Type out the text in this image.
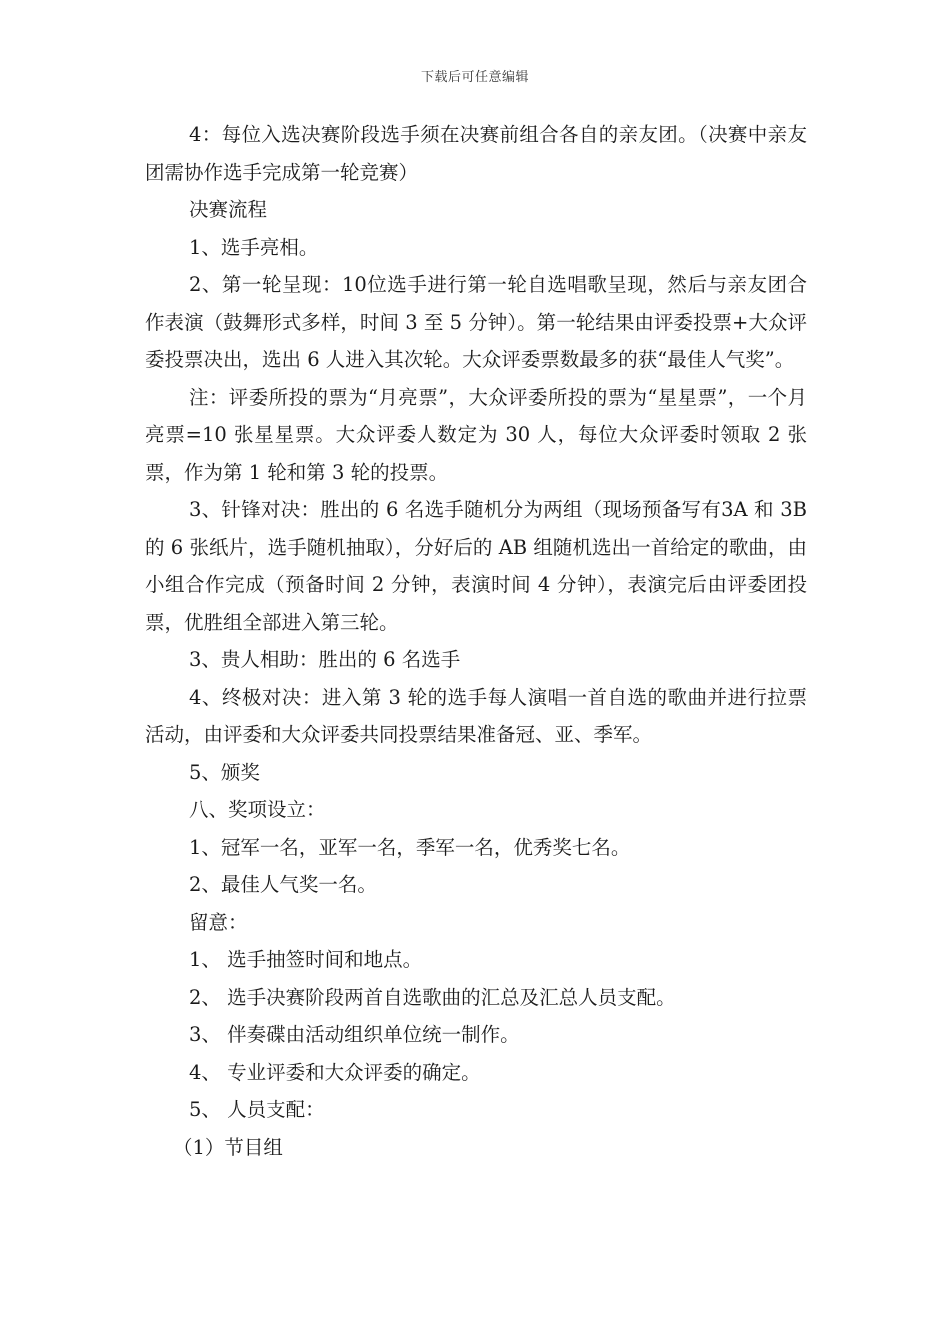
下载后可任意编辑

4：每位入选决赛阶段选手须在决赛前组合各自的亲友团。（决赛中亲友团需协作选手完成第一轮竞赛）

决赛流程

1、选手亮相。

2、第一轮呈现：10位选手进行第一轮自选唱歌呈现，然后与亲友团合作表演（鼓舞形式多样，时间 3 至 5 分钟）。第一轮结果由评委投票+大众评委投票决出，选出 6 人进入其次轮。大众评委票数最多的获“最佳人气奖”。

注：评委所投的票为“月亮票”，大众评委所投的票为“星星票”，一个月亮票=10 张星星票。大众评委人数定为 30 人，每位大众评委时领取 2 张票，作为第 1 轮和第 3 轮的投票。

3、针锋对决：胜出的 6 名选手随机分为两组（现场预备写有3A 和 3B 的 6 张纸片，选手随机抽取），分好后的 AB 组随机选出一首给定的歌曲，由小组合作完成（预备时间 2 分钟，表演时间 4 分钟），表演完后由评委团投票，优胜组全部进入第三轮。

3、贵人相助：胜出的 6 名选手

4、终极对决：进入第 3 轮的选手每人演唱一首自选的歌曲并进行拉票活动，由评委和大众评委共同投票结果准备冠、亚、季军。

5、颁奖

八、奖项设立：

1、冠军一名，亚军一名，季军一名，优秀奖七名。

2、最佳人气奖一名。

留意：

1、 选手抽签时间和地点。

2、 选手决赛阶段两首自选歌曲的汇总及汇总人员支配。

3、 伴奏碟由活动组织单位统一制作。

4、 专业评委和大众评委的确定。

5、 人员支配：

（1）节目组
